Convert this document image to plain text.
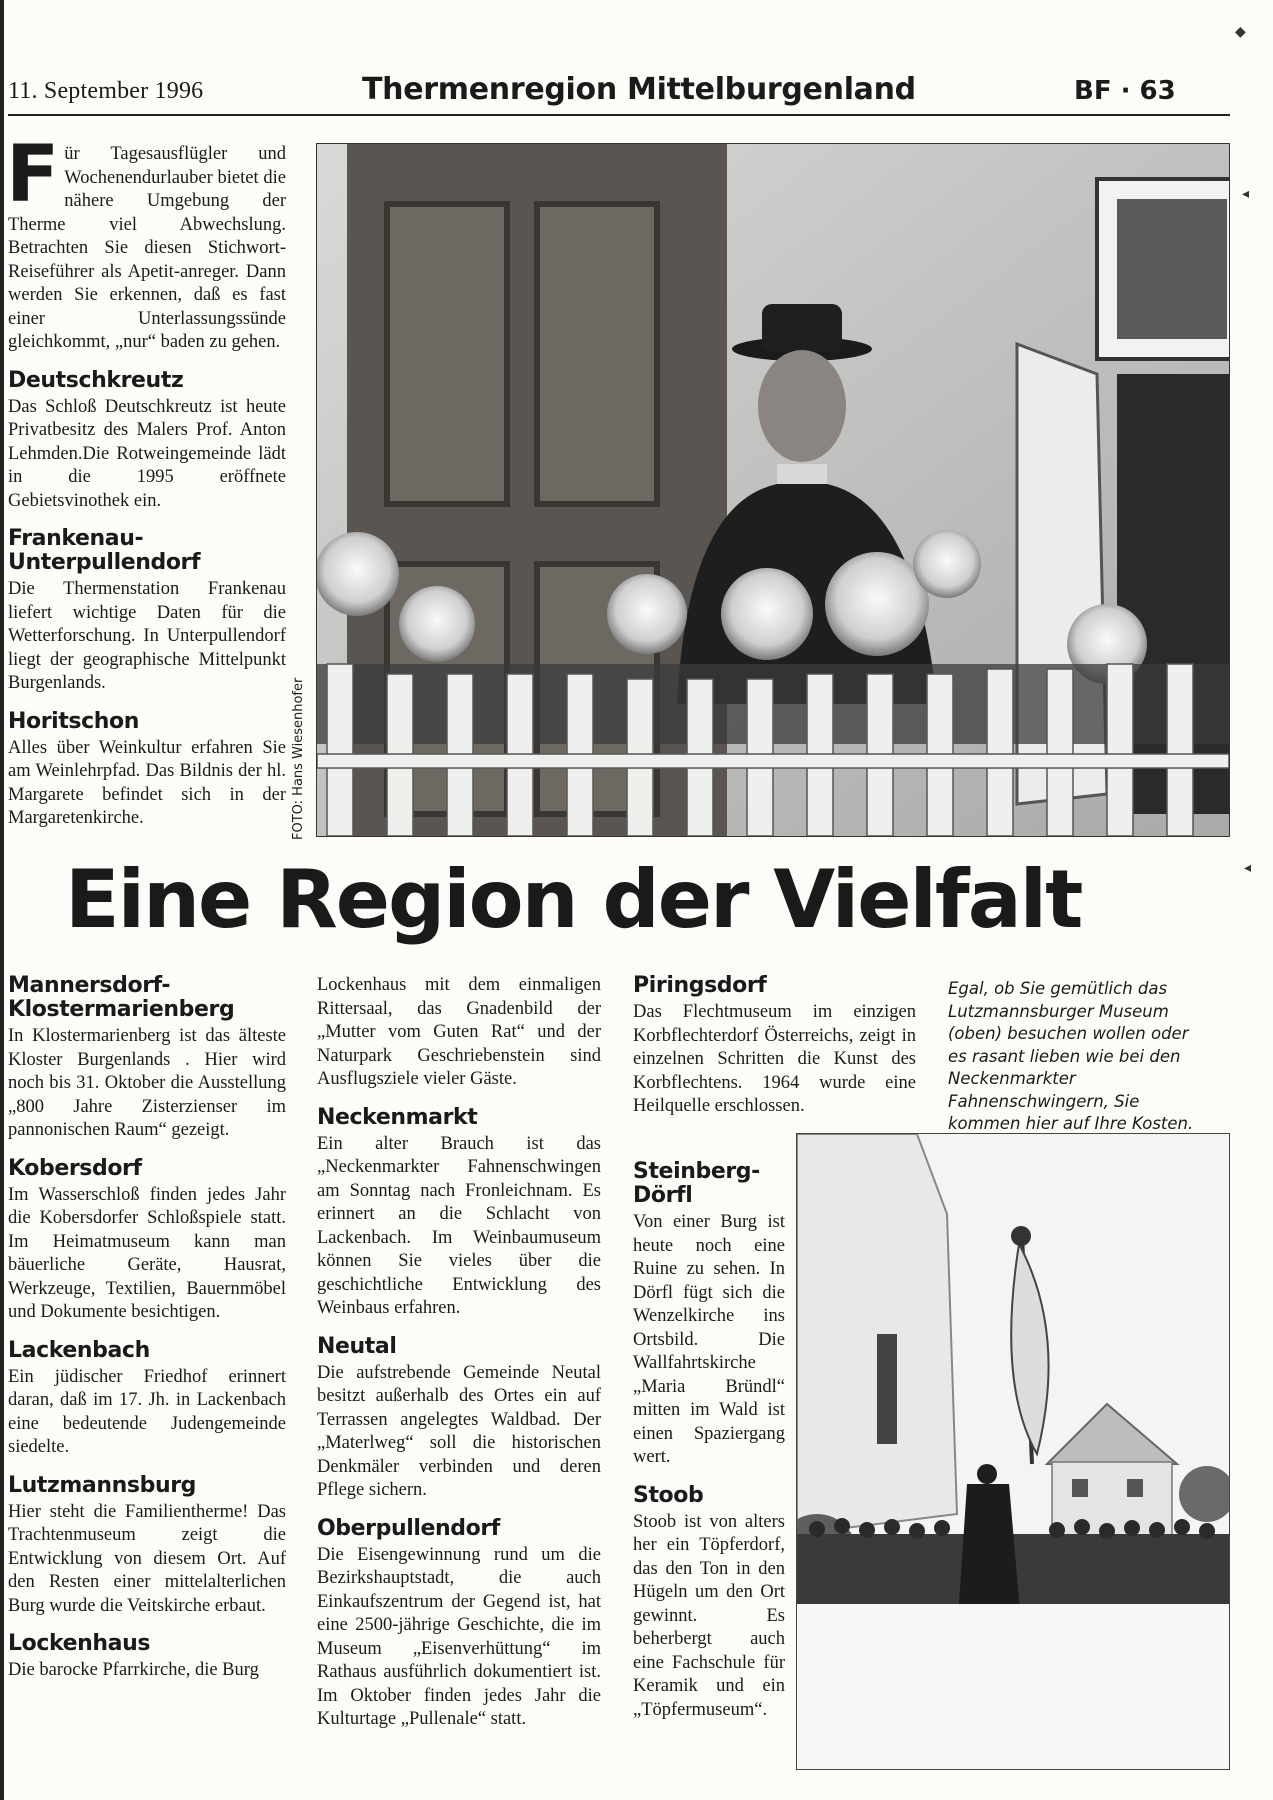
11. September 1996	Thermenregion Mittelburgenland	BF · 63

Für Tagesausflügler und Wochenendurlauber bietet die nähere Umgebung der Therme viel Abwechslung. Betrachten Sie diesen Stichwort-Reiseführer als Apetit-anreger. Dann werden Sie erkennen, daß es fast einer Unterlassungssünde gleichkommt, „nur“ baden zu gehen.

Deutschkreutz

Das Schloß Deutschkreutz ist heute Privatbesitz des Malers Prof. Anton Lehmden.Die Rotweingemeinde lädt in die 1995 eröffnete Gebietsvinothek ein.

Frankenau-Unterpullendorf

Die Thermenstation Frankenau liefert wichtige Daten für die Wetterforschung. In Unterpullendorf liegt der geographische Mittelpunkt Burgenlands.

Horitschon

Alles über Weinkultur erfahren Sie am Weinlehrpfad. Das Bildnis der hl. Margarete befindet sich in der Margaretenkirche.	FOTO: Hans Wiesenhofer
Eine Region der Vielfalt
Mannersdorf-Klostermarienberg

In Klostermarienberg ist das älteste Kloster Burgenlands . Hier wird noch bis 31. Oktober die Ausstellung „800 Jahre Zisterzienser im pannonischen Raum“ gezeigt.

Kobersdorf

Im Wasserschloß finden jedes Jahr die Kobersdorfer Schloßspiele statt. Im Heimatmuseum kann man bäuerliche Geräte, Hausrat, Werkzeuge, Textilien, Bauernmöbel und Dokumente besichtigen.

Lackenbach

Ein jüdischer Friedhof erinnert daran, daß im 17. Jh. in Lackenbach eine bedeutende Judengemeinde siedelte.

Lutzmannsburg

Hier steht die Familientherme! Das Trachtenmuseum zeigt die Entwicklung von diesem Ort. Auf den Resten einer mittelalterlichen Burg wurde die Veitskirche erbaut.

Lockenhaus

Die barocke Pfarrkirche, die Burg

Lockenhaus mit dem einmaligen Rittersaal, das Gnadenbild der „Mutter vom Guten Rat“ und der Naturpark Geschriebenstein sind Ausflugsziele vieler Gäste.

Neckenmarkt

Ein alter Brauch ist das „Neckenmarkter Fahnenschwingen am Sonntag nach Fronleichnam. Es erinnert an die Schlacht von Lackenbach. Im Weinbaumuseum können Sie vieles über die geschichtliche Entwicklung des Weinbaus erfahren.

Neutal

Die aufstrebende Gemeinde Neutal besitzt außerhalb des Ortes ein auf Terrassen angelegtes Waldbad. Der „Materlweg“ soll die historischen Denkmäler verbinden und deren Pflege sichern.

Oberpullendorf

Die Eisengewinnung rund um die Bezirkshauptstadt, die auch Einkaufszentrum der Gegend ist, hat eine 2500-jährige Geschichte, die im Museum „Eisenverhüttung“ im Rathaus ausführlich dokumentiert ist. Im Oktober finden jedes Jahr die Kulturtage „Pullenale“ statt.

Piringsdorf

Das Flechtmuseum im einzigen Korbflechterdorf Österreichs, zeigt in einzelnen Schritten die Kunst des Korbflechtens. 1964 wurde eine Heilquelle erschlossen.

Steinberg-Dörfl

Von einer Burg ist heute noch eine Ruine zu sehen. In Dörfl fügt sich die Wenzelkirche ins Ortsbild. Die Wallfahrtskirche „Maria Bründl“ mitten im Wald ist einen Spaziergang wert.

Stoob

Stoob ist von alters her ein Töpferdorf, das den Ton in den Hügeln um den Ort gewinnt. Es beherbergt auch eine Fachschule für Keramik und ein „Töpfermuseum“.

Egal, ob Sie gemütlich das Lutzmannsburger Museum (oben) besuchen wollen oder es rasant lieben wie bei den Neckenmarkter Fahnenschwingern, Sie kommen hier auf Ihre Kosten.
◆
◂
◂
